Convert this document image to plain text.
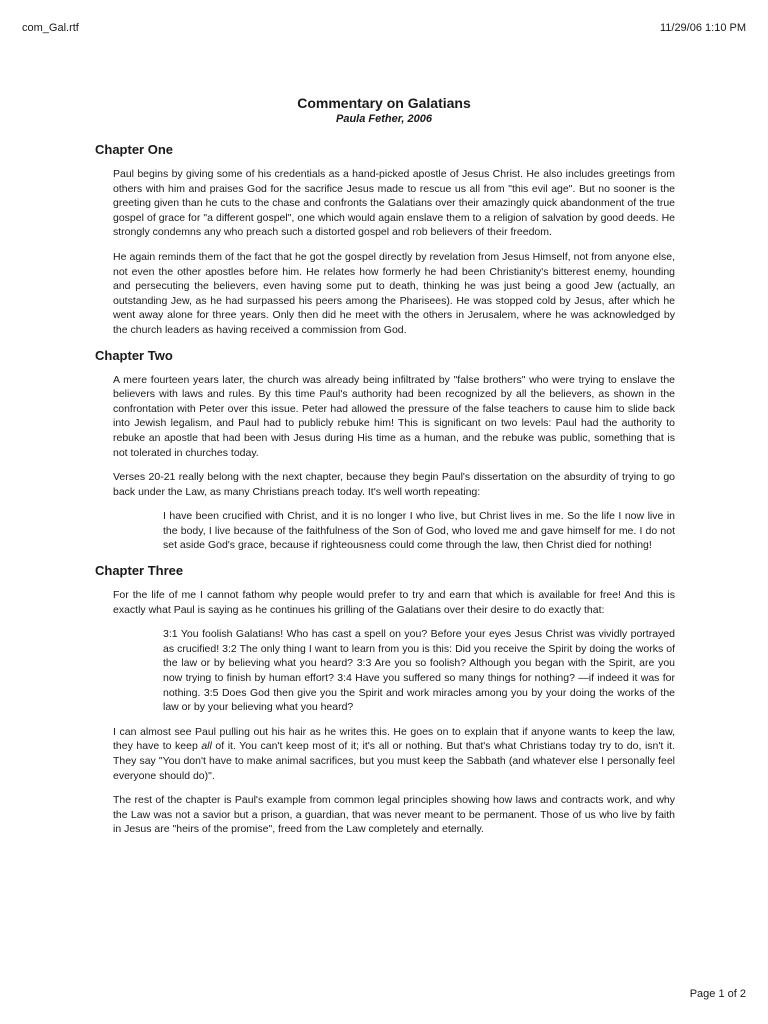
com_Gal.rtf	11/29/06 1:10 PM
Commentary on Galatians
Paula Fether, 2006
Chapter One

Paul begins by giving some of his credentials as a hand-picked apostle of Jesus Christ. He also includes greetings from others with him and praises God for the sacrifice Jesus made to rescue us all from "this evil age". But no sooner is the greeting given than he cuts to the chase and confronts the Galatians over their amazingly quick abandonment of the true gospel of grace for "a different gospel", one which would again enslave them to a religion of salvation by good deeds. He strongly condemns any who preach such a distorted gospel and rob believers of their freedom.

He again reminds them of the fact that he got the gospel directly by revelation from Jesus Himself, not from anyone else, not even the other apostles before him. He relates how formerly he had been Christianity's bitterest enemy, hounding and persecuting the believers, even having some put to death, thinking he was just being a good Jew (actually, an outstanding Jew, as he had surpassed his peers among the Pharisees). He was stopped cold by Jesus, after which he went away alone for three years. Only then did he meet with the others in Jerusalem, where he was acknowledged by the church leaders as having received a commission from God.

Chapter Two

A mere fourteen years later, the church was already being infiltrated by "false brothers" who were trying to enslave the believers with laws and rules. By this time Paul's authority had been recognized by all the believers, as shown in the confrontation with Peter over this issue. Peter had allowed the pressure of the false teachers to cause him to slide back into Jewish legalism, and Paul had to publicly rebuke him! This is significant on two levels: Paul had the authority to rebuke an apostle that had been with Jesus during His time as a human, and the rebuke was public, something that is not tolerated in churches today.

Verses 20-21 really belong with the next chapter, because they begin Paul's dissertation on the absurdity of trying to go back under the Law, as many Christians preach today. It's well worth repeating:

I have been crucified with Christ, and it is no longer I who live, but Christ lives in me. So the life I now live in the body, I live because of the faithfulness of the Son of God, who loved me and gave himself for me. I do not set aside God's grace, because if righteousness could come through the law, then Christ died for nothing!

Chapter Three

For the life of me I cannot fathom why people would prefer to try and earn that which is available for free! And this is exactly what Paul is saying as he continues his grilling of the Galatians over their desire to do exactly that:

3:1 You foolish Galatians! Who has cast a spell on you? Before your eyes Jesus Christ was vividly portrayed as crucified! 3:2 The only thing I want to learn from you is this: Did you receive the Spirit by doing the works of the law or by believing what you heard? 3:3 Are you so foolish? Although you began with the Spirit, are you now trying to finish by human effort? 3:4 Have you suffered so many things for nothing? —if indeed it was for nothing. 3:5 Does God then give you the Spirit and work miracles among you by your doing the works of the law or by your believing what you heard?

I can almost see Paul pulling out his hair as he writes this. He goes on to explain that if anyone wants to keep the law, they have to keep all of it. You can't keep most of it; it's all or nothing. But that's what Christians today try to do, isn't it. They say "You don't have to make animal sacrifices, but you must keep the Sabbath (and whatever else I personally feel everyone should do)".

The rest of the chapter is Paul's example from common legal principles showing how laws and contracts work, and why the Law was not a savior but a prison, a guardian, that was never meant to be permanent. Those of us who live by faith in Jesus are "heirs of the promise", freed from the Law completely and eternally.

Page 1 of 2
